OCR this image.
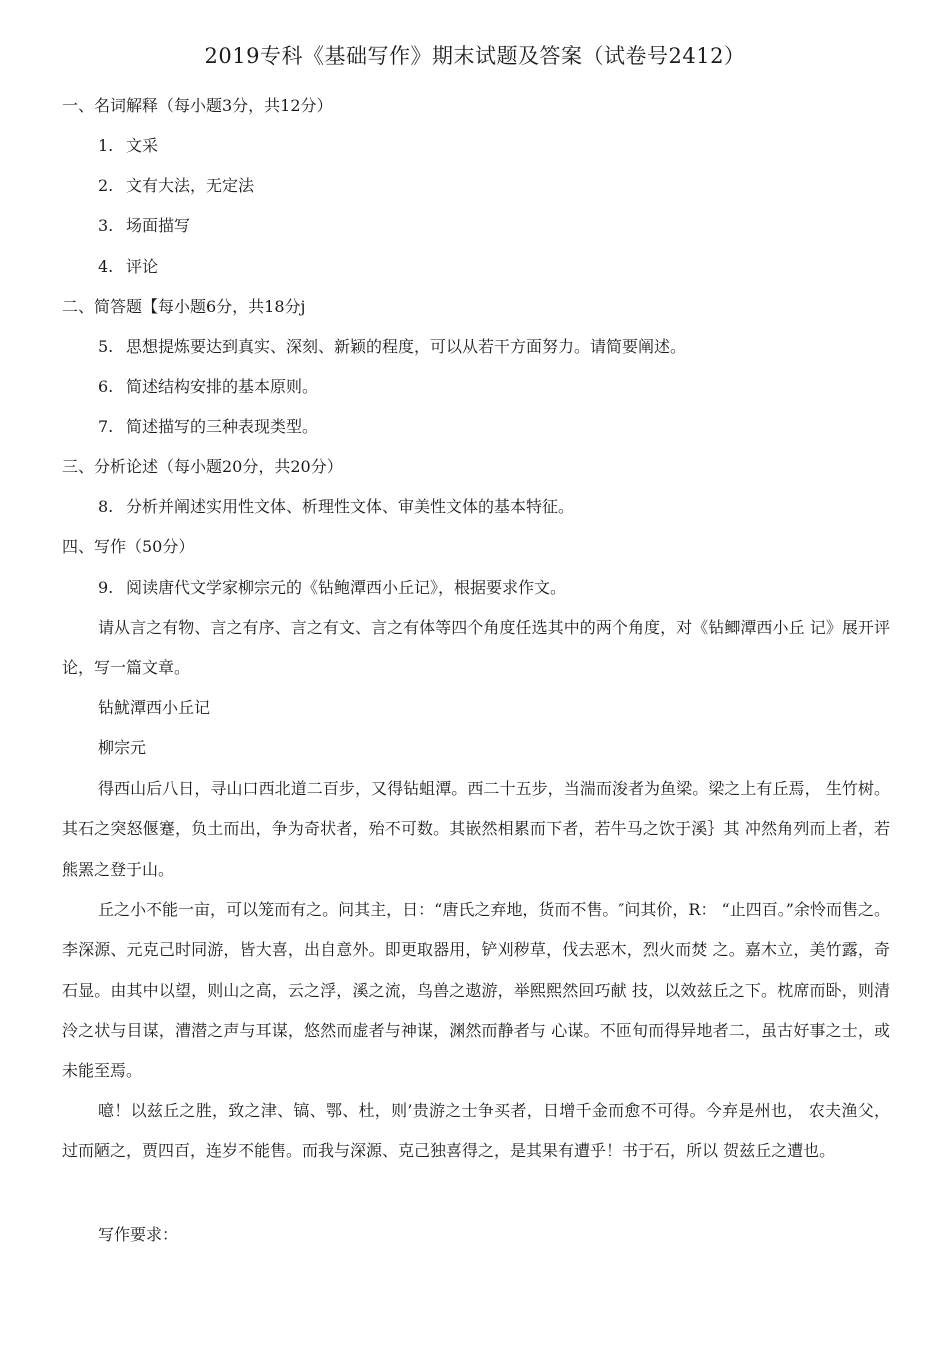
2019专科《基础写作》期末试题及答案（试卷号2412）
一、名词解释（每小题3分，共12分）
1. 文采
2. 文有大法，无定法
3. 场面描写
4. 评论
二、简答题【每小题6分，共18分j
5. 思想提炼要达到真实、深刻、新颖的程度，可以从若干方面努力。请简要阐述。
6. 简述结构安排的基本原则。
7. 简述描写的三种表现类型。
三、分析论述（每小题20分，共20分）
8. 分析并阐述实用性文体、析理性文体、审美性文体的基本特征。
四、写作（50分）
9. 阅读唐代文学家柳宗元的《钻鲍潭西小丘记》，根据要求作文。
请从言之有物、言之有序、言之有文、言之有体等四个角度任选其中的两个角度，对《钻鲫潭西小丘 记》展开评论，写一篇文章。
钻魷潭西小丘记
柳宗元
得西山后八日，寻山口西北道二百步，又得钻蛆潭。西二十五步，当湍而浚者为鱼梁。梁之上有丘焉， 生竹树。其石之突怒偃蹇，负土而出，争为奇状者，殆不可数。其嵌然相累而下者，若牛马之饮于溪｝其 冲然角列而上者，若熊罴之登于山。
丘之小不能一亩，可以笼而有之。问其主，日：“唐氏之弃地，货而不售。″问其价，R： “止四百。”余怜而售之。李深源、元克己时同游，皆大喜，出自意外。即更取器用，铲刈秽草，伐去恶木，烈火而焚 之。嘉木立，美竹露，奇石显。由其中以望，则山之高，云之浮，溪之流，鸟兽之遨游，举熙熙然回巧献 技，以效兹丘之下。枕席而卧，则清泠之状与目谋，漕潜之声与耳谋，悠然而虚者与神谋，渊然而静者与 心谋。不匝旬而得异地者二，虽古好事之士，或未能至焉。
噫！以兹丘之胜，致之津、镐、鄂、杜，则’贵游之士争买者，日增千金而愈不可得。今弃是州也， 农夫渔父，过而陋之，贾四百，连岁不能售。而我与深源、克己独喜得之，是其果有遭乎！书于石，所以 贺兹丘之遭也。
写作要求：
